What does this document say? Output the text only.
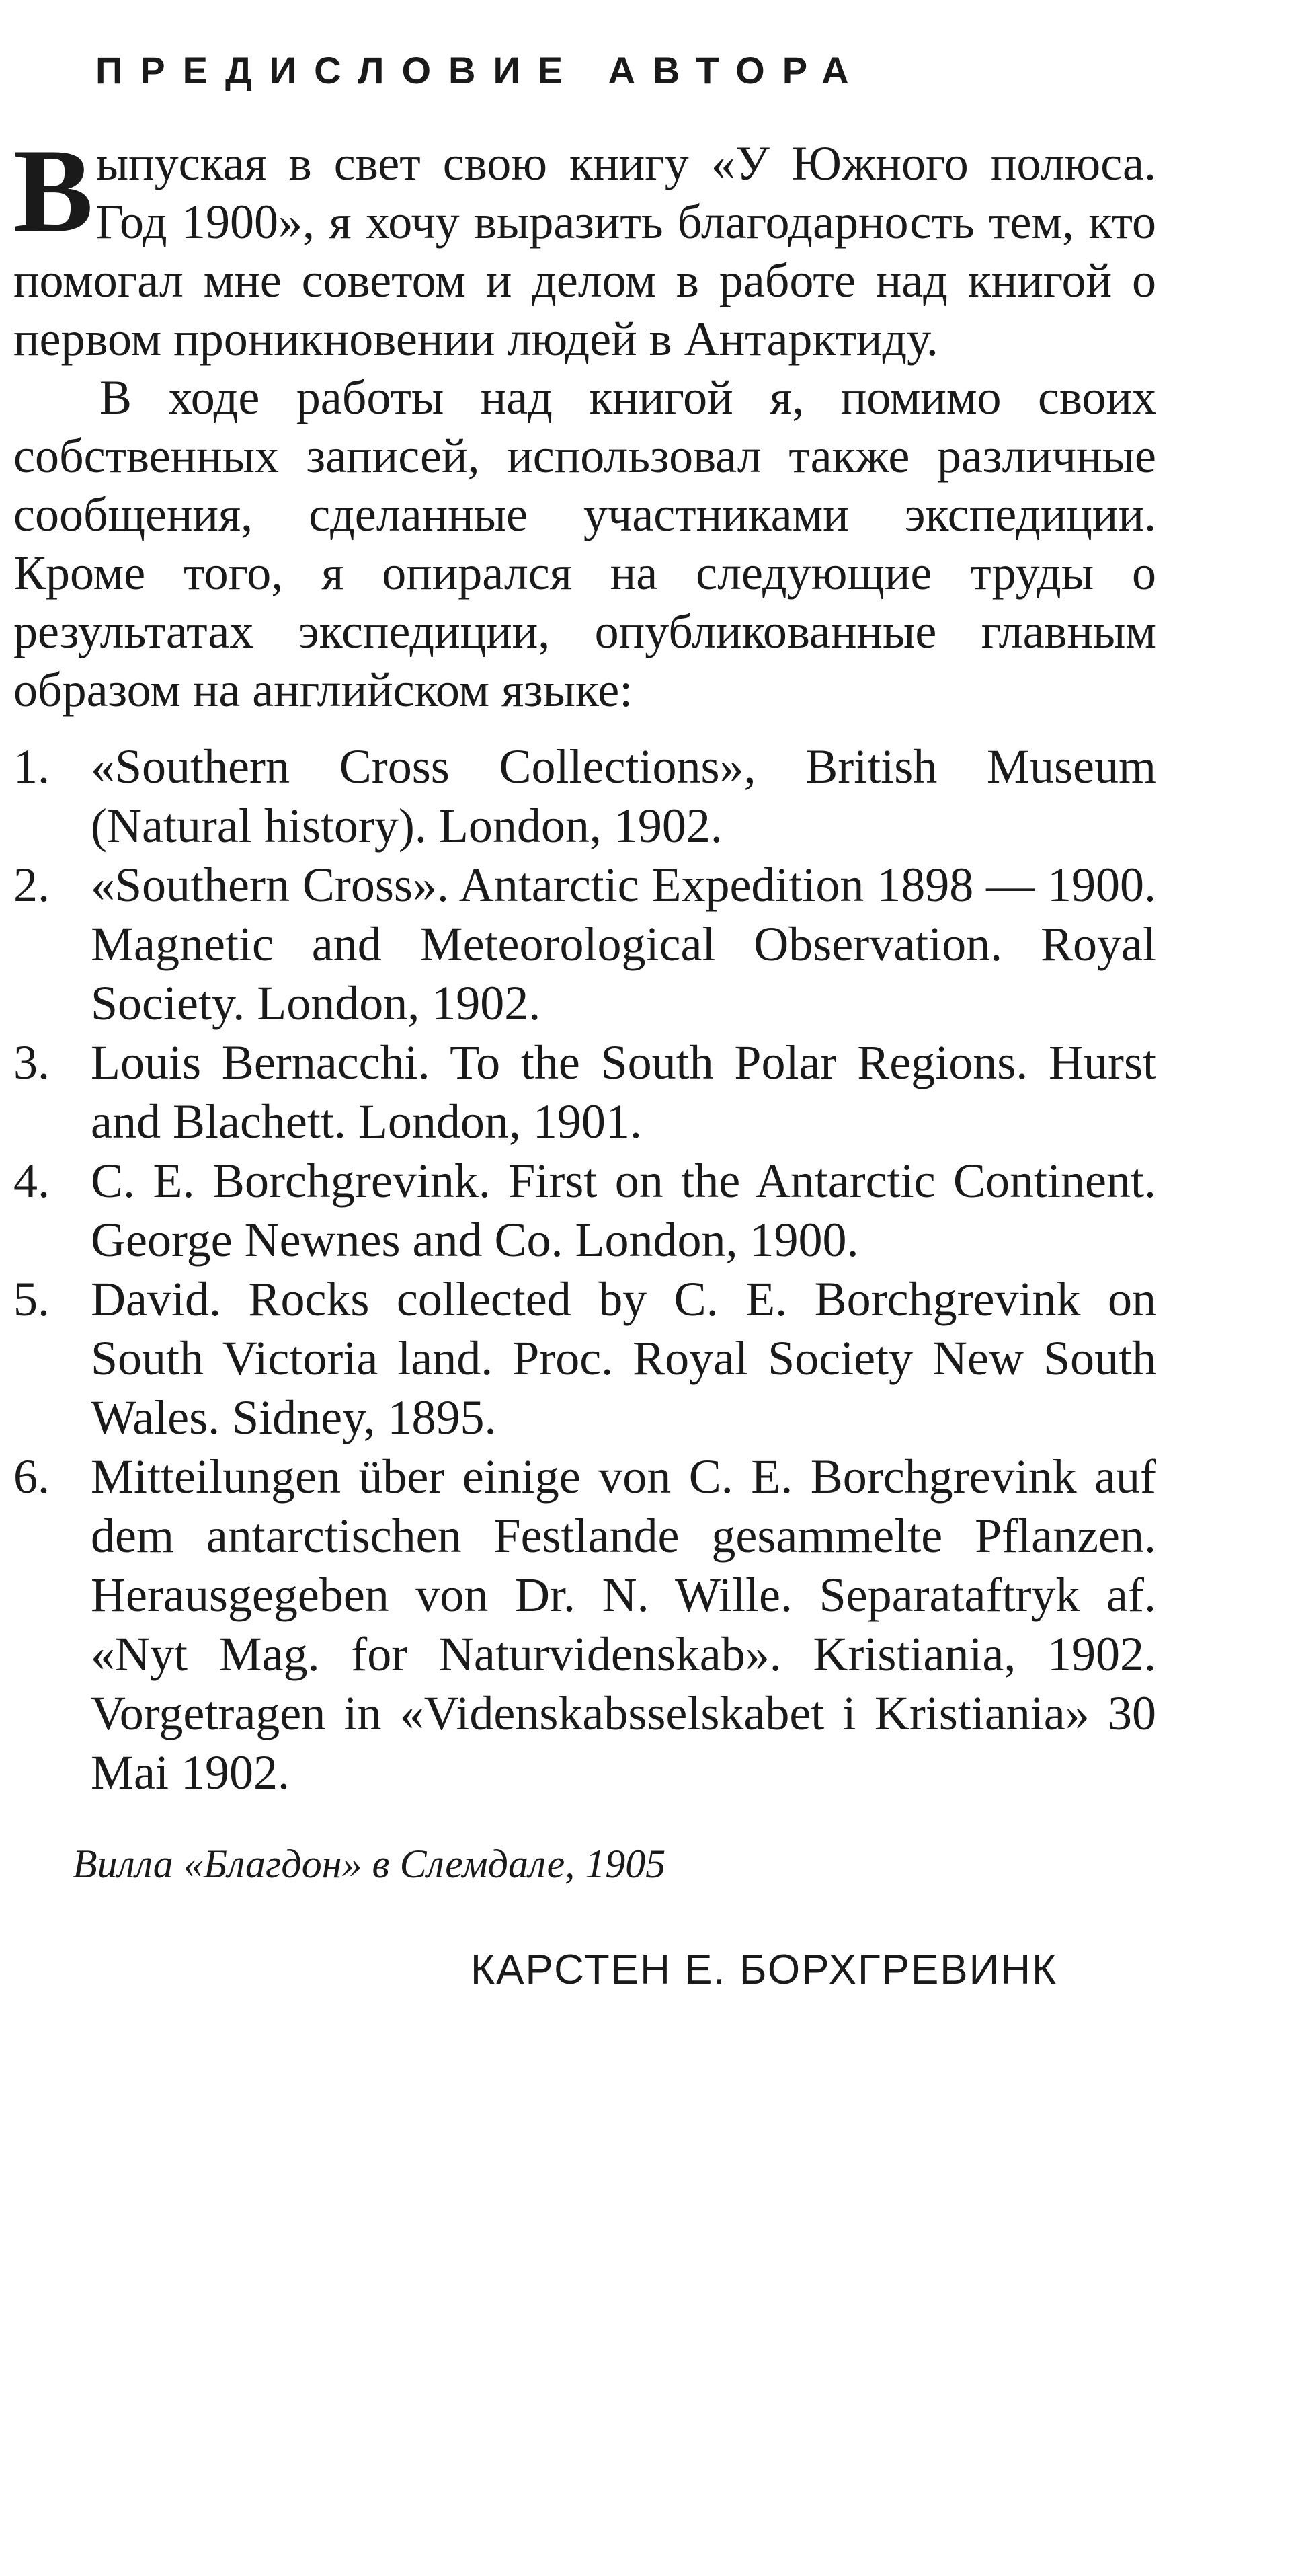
ПРЕДИСЛОВИЕ АВТОРА

Выпуская в свет свою книгу «У Южного полюса. Год 1900», я хочу выразить благодарность тем, кто помогал мне советом и делом в работе над книгой о первом проникновении людей в Антарктиду.

В ходе работы над книгой я, помимо своих собственных записей, использовал также различные сообщения, сделанные участниками экспедиции. Кроме того, я опирался на следующие труды о результатах экспедиции, опубликованные главным образом на английском языке:

1. «Southern Cross Collections», British Museum (Natural history). London, 1902.
2. «Southern Cross». Antarctic Expedition 1898 — 1900. Magnetic and Meteorological Observation. Royal Society. London, 1902.
3. Louis Bernacchi. To the South Polar Regions. Hurst and Blachett. London, 1901.
4. C. E. Borchgrevink. First on the Antarctic Continent. George Newnes and Co. London, 1900.
5. David. Rocks collected by C. E. Borchgrevink on South Victoria land. Proc. Royal Society New South Wales. Sidney, 1895.
6. Mitteilungen über einige von C. E. Borchgrevink auf dem antarctischen Festlande gesammelte Pflanzen. Herausgegeben von Dr. N. Wille. Separataftryk af. «Nyt Mag. for Naturvidenskab». Kristiania, 1902. Vorgetragen in «Videnskabsselskabet i Kristiania» 30 Mai 1902.
Вилла «Благдон» в Слемдале, 1905
КАРСТЕН Е. БОРХГРЕВИНК
